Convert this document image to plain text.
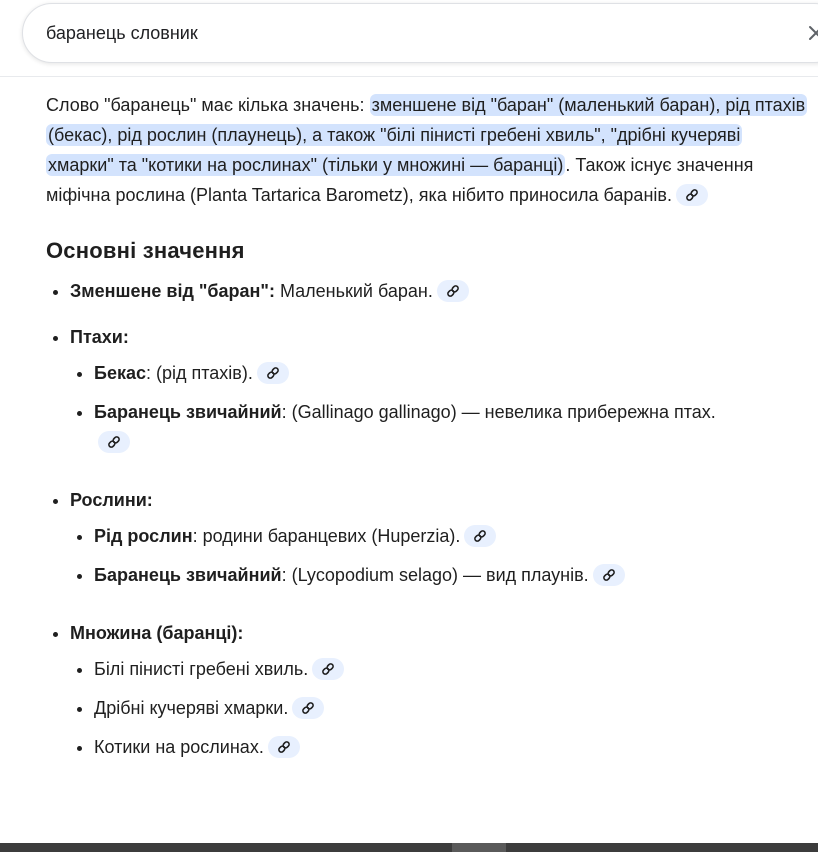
баранець словник

Слово "баранець" має кілька значень: зменшене від "баран" (маленький баран), рід птахів (бекас), рід рослин (плаунець), а також "білі пінисті гребені хвиль", "дрібні кучеряві хмарки" та "котики на рослинах" (тільки у множині — баранці) . Також існує значення міфічна рослина (Planta Tartarica Barometz), яка нібито приносила баранів.

Основні значення
• Зменшене від "баран": Маленький баран.
• Птахи:
• Бекас: (рід птахів).
• Баранець звичайний: (Gallinago gallinago) — невелика прибережна птах.
• Рослини:
• Рід рослин: родини баранцевих (Huperzia).
• Баранець звичайний: (Lycopodium selago) — вид плаунів.
• Множина (баранці):
• Білі пінисті гребені хвиль.
• Дрібні кучеряві хмарки.
• Котики на рослинах.
